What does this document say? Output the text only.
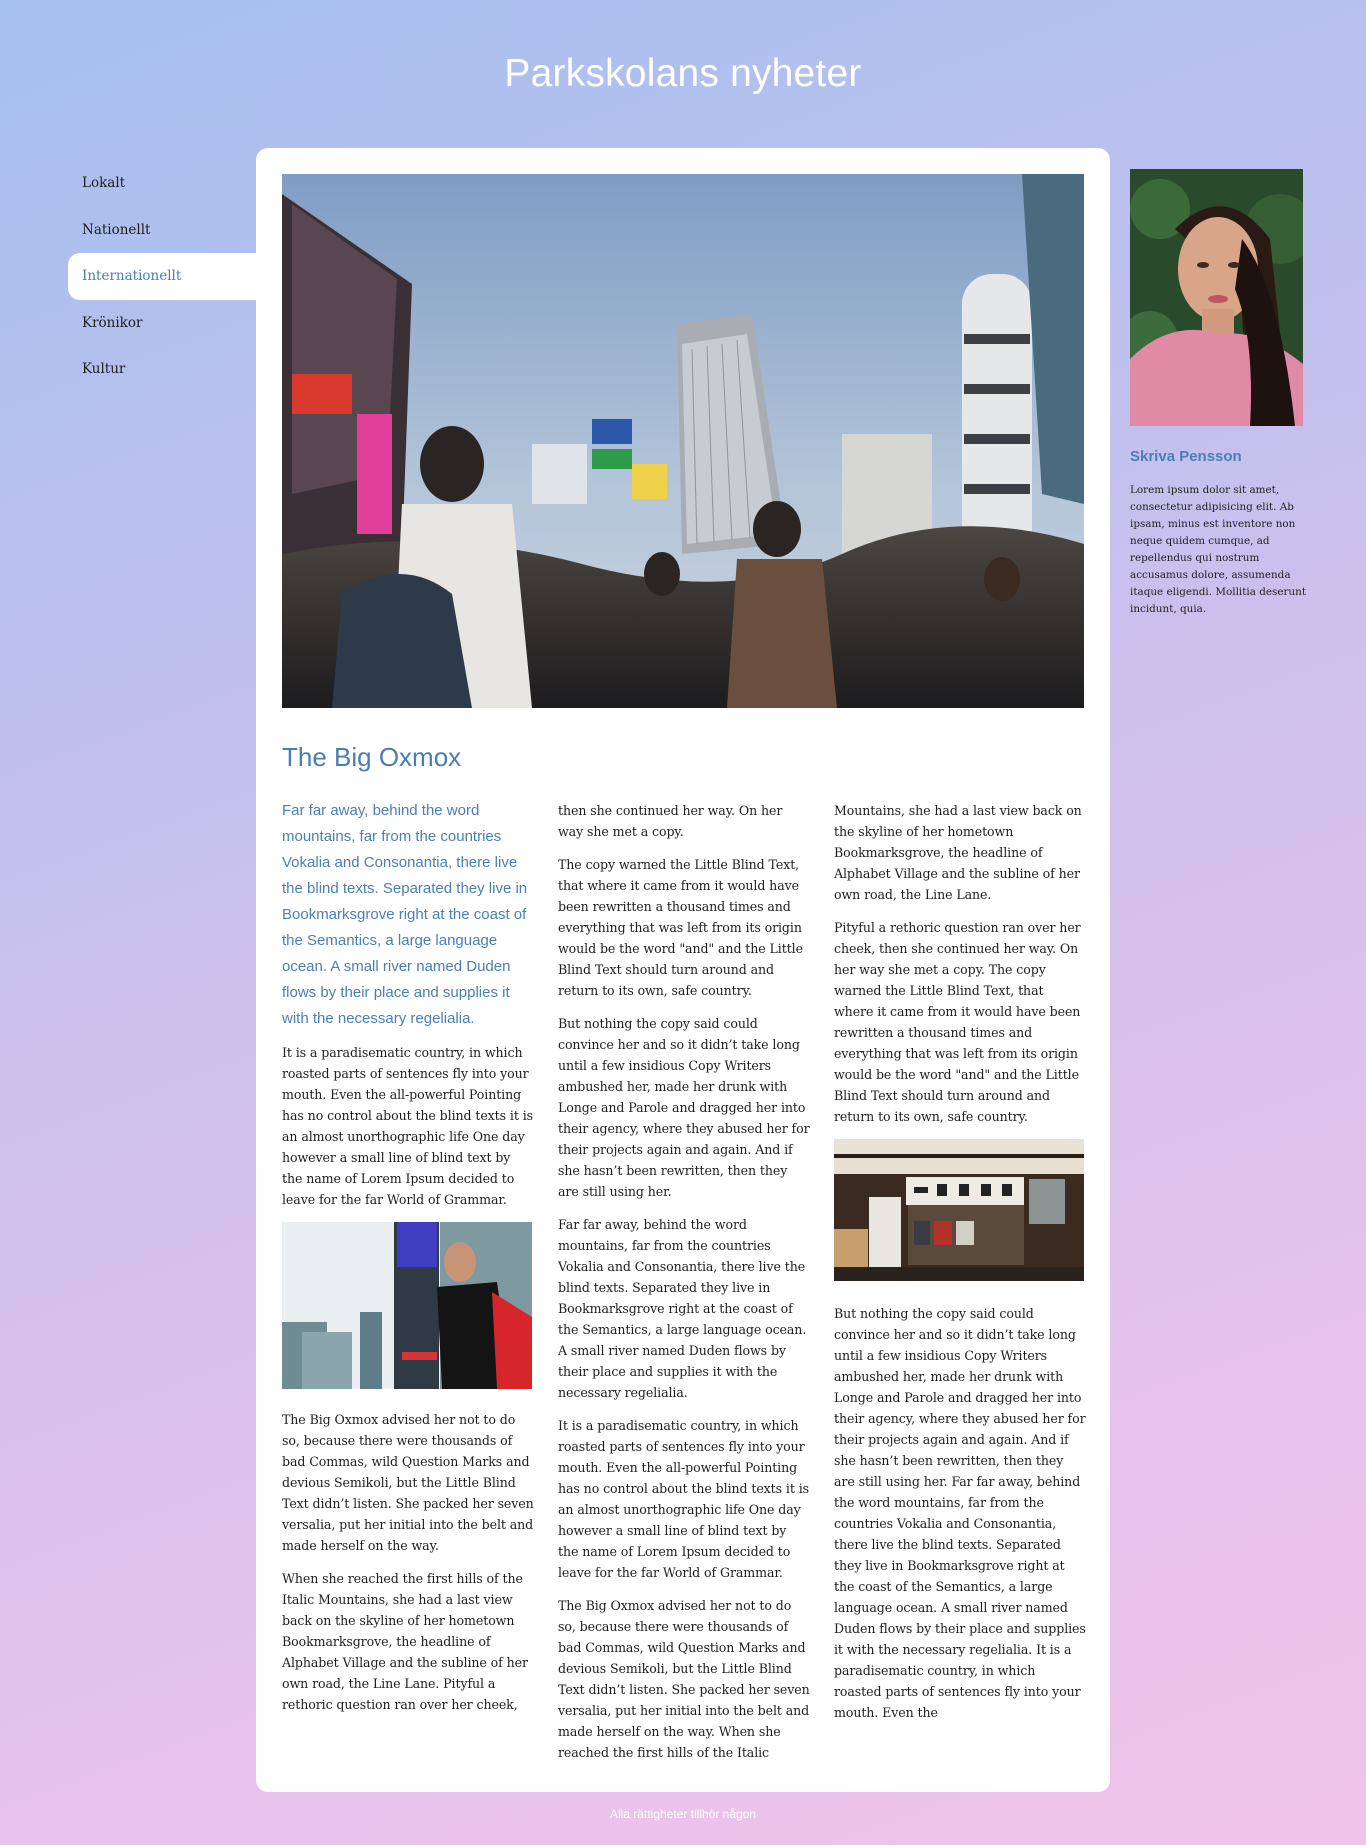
Parkskolans nyheter
Lokalt
Nationellt
Internationellt
Krönikor
Kultur
The Big Oxmox

Far far away, behind the word mountains, far from the countries Vokalia and Consonantia, there live the blind texts. Separated they live in Bookmarksgrove right at the coast of the Semantics, a large language ocean. A small river named Duden flows by their place and supplies it with the necessary regelialia.

It is a paradisematic country, in which roasted parts of sentences fly into your mouth. Even the all-powerful Pointing has no control about the blind texts it is an almost unorthographic life One day however a small line of blind text by the name of Lorem Ipsum decided to leave for the far World of Grammar.

The Big Oxmox advised her not to do so, because there were thousands of bad Commas, wild Question Marks and devious Semikoli, but the Little Blind Text didn’t listen. She packed her seven versalia, put her initial into the belt and made herself on the way.

When she reached the first hills of the Italic Mountains, she had a last view back on the skyline of her hometown Bookmarksgrove, the headline of Alphabet Village and the subline of her own road, the Line Lane. Pityful a rethoric question ran over her cheek,

then she continued her way. On her way she met a copy.

The copy warned the Little Blind Text, that where it came from it would have been rewritten a thousand times and everything that was left from its origin would be the word "and" and the Little Blind Text should turn around and return to its own, safe country.

But nothing the copy said could convince her and so it didn’t take long until a few insidious Copy Writers ambushed her, made her drunk with Longe and Parole and dragged her into their agency, where they abused her for their projects again and again. And if she hasn’t been rewritten, then they are still using her.

Far far away, behind the word mountains, far from the countries Vokalia and Consonantia, there live the blind texts. Separated they live in Bookmarksgrove right at the coast of the Semantics, a large language ocean. A small river named Duden flows by their place and supplies it with the necessary regelialia.

It is a paradisematic country, in which roasted parts of sentences fly into your mouth. Even the all-powerful Pointing has no control about the blind texts it is an almost unorthographic life One day however a small line of blind text by the name of Lorem Ipsum decided to leave for the far World of Grammar.

The Big Oxmox advised her not to do so, because there were thousands of bad Commas, wild Question Marks and devious Semikoli, but the Little Blind Text didn’t listen. She packed her seven versalia, put her initial into the belt and made herself on the way. When she reached the first hills of the Italic

Mountains, she had a last view back on the skyline of her hometown Bookmarksgrove, the headline of Alphabet Village and the subline of her own road, the Line Lane.

Pityful a rethoric question ran over her cheek, then she continued her way. On her way she met a copy. The copy warned the Little Blind Text, that where it came from it would have been rewritten a thousand times and everything that was left from its origin would be the word "and" and the Little Blind Text should turn around and return to its own, safe country.

But nothing the copy said could convince her and so it didn’t take long until a few insidious Copy Writers ambushed her, made her drunk with Longe and Parole and dragged her into their agency, where they abused her for their projects again and again. And if she hasn’t been rewritten, then they are still using her. Far far away, behind the word mountains, far from the countries Vokalia and Consonantia, there live the blind texts. Separated they live in Bookmarksgrove right at the coast of the Semantics, a large language ocean. A small river named Duden flows by their place and supplies it with the necessary regelialia. It is a paradisematic country, in which roasted parts of sentences fly into your mouth. Even the

Skriva Pensson

Lorem ipsum dolor sit amet, consectetur adipisicing elit. Ab ipsam, minus est inventore non neque quidem cumque, ad repellendus qui nostrum accusamus dolore, assumenda itaque eligendi. Mollitia deserunt incidunt, quia.

Alla rättigheter tillhör någon
